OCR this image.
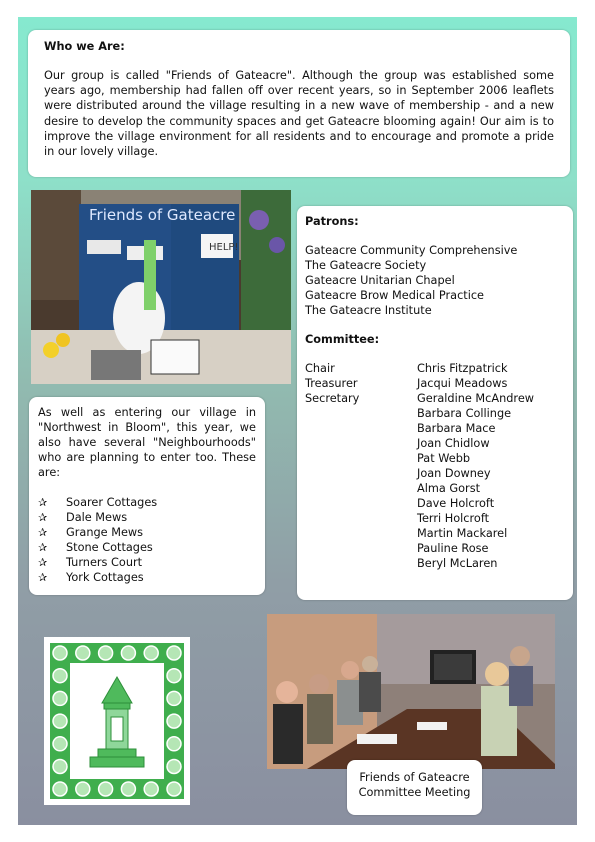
Who we Are:
Our group is called "Friends of Gateacre". Although the group was established some years ago, membership had fallen off over recent years, so in September 2006 leaflets were distributed around the village resulting in a new wave of membership - and a new desire to develop the community spaces and get Gateacre blooming again! Our aim is to improve the village environment for all residents and to encourage and promote a pride in our lovely village.
HELP!
Friends of Gateacre
As well as entering our village in "Northwest in Bloom", this year, we also have several "Neighbourhoods" who are planning to enter too. These are:
✰ Soarer Cottages
✰ Dale Mews
✰ Grange Mews
✰ Stone Cottages
✰ Turners Court
✰ York Cottages
Patrons:
Gateacre Community Comprehensive
The Gateacre Society
Gateacre Unitarian Chapel
Gateacre Brow Medical Practice
The Gateacre Institute
Committee:
Chair	Chris Fitzpatrick
Treasurer	Jacqui Meadows
Secretary	Geraldine McAndrew
Barbara Collinge
Barbara Mace
Joan Chidlow
Pat Webb
Joan Downey
Alma Gorst
Dave Holcroft
Terri Holcroft
Martin Mackarel
Pauline Rose
Beryl McLaren
Friends of Gateacre
Committee Meeting
